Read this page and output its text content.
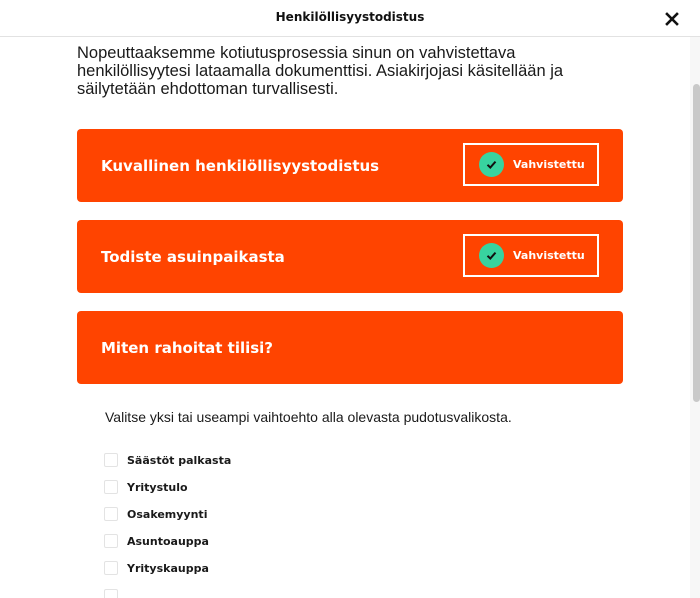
Henkilöllisyystodistus

Nopeuttaaksemme kotiutusprosessia sinun on vahvistettava henkilöllisyytesi lataamalla dokumenttisi. Asiakirjojasi käsitellään ja säilytetään ehdottoman turvallisesti.

Kuvallinen henkilöllisyystodistus	Vahvistettu
Todiste asuinpaikasta	Vahvistettu
Miten rahoitat tilisi?
Valitse yksi tai useampi vaihtoehto alla olevasta pudotusvalikosta.
Säästöt palkasta
Yritystulo
Osakemyynti
Asuntoauppa
Yrityskauppa
